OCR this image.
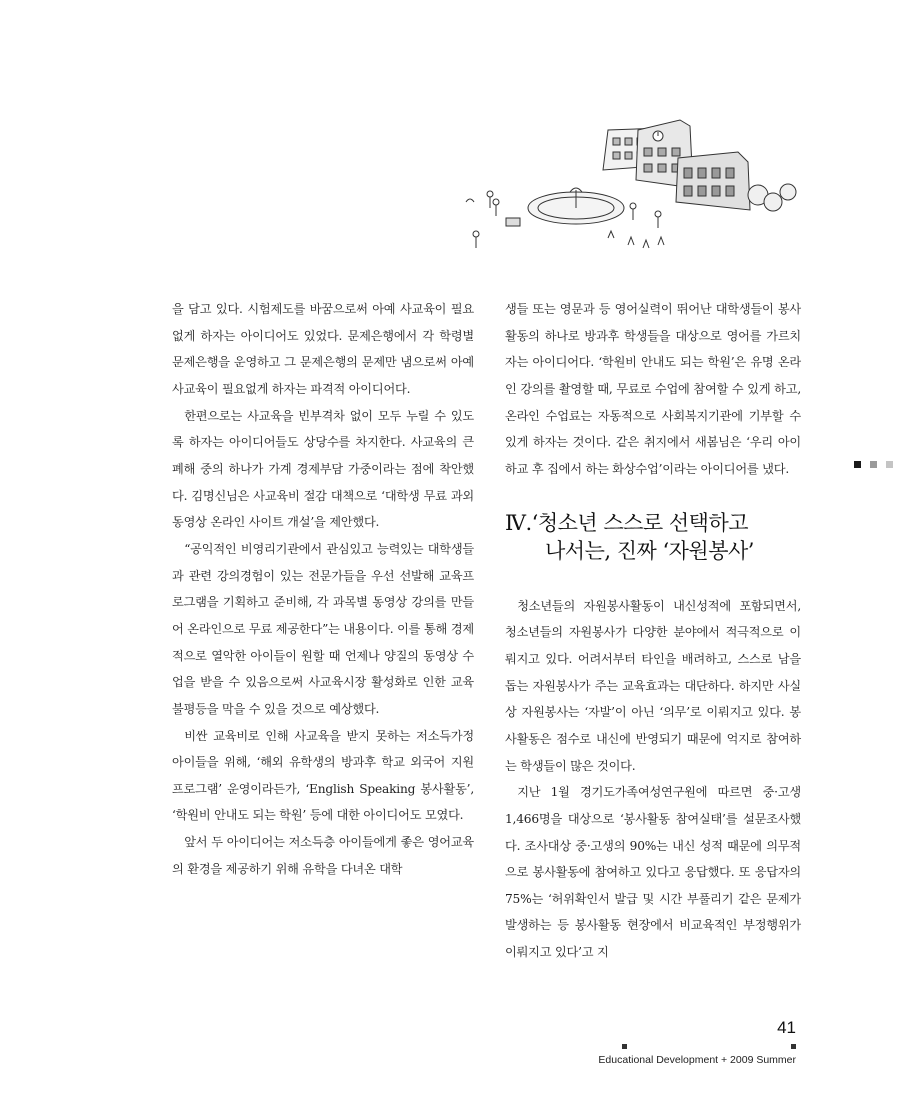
을 담고 있다. 시험제도를 바꿈으로써 아예 사교육이 필요 없게 하자는 아이디어도 있었다. 문제은행에서 각 학령별 문제은행을 운영하고 그 문제은행의 문제만 냄으로써 아예 사교육이 필요없게 하자는 파격적 아이디어다.

한편으로는 사교육을 빈부격차 없이 모두 누릴 수 있도록 하자는 아이디어들도 상당수를 차지한다. 사교육의 큰 폐해 중의 하나가 가계 경제부담 가중이라는 점에 착안했다. 김명신님은 사교육비 절감 대책으로 ‘대학생 무료 과외 동영상 온라인 사이트 개설’을 제안했다.

“공익적인 비영리기관에서 관심있고 능력있는 대학생들과 관련 강의경험이 있는 전문가들을 우선 선발해 교육프로그램을 기획하고 준비해, 각 과목별 동영상 강의를 만들어 온라인으로 무료 제공한다”는 내용이다. 이를 통해 경제적으로 열악한 아이들이 원할 때 언제나 양질의 동영상 수업을 받을 수 있음으로써 사교육시장 활성화로 인한 교육 불평등을 막을 수 있을 것으로 예상했다.

비싼 교육비로 인해 사교육을 받지 못하는 저소득가정 아이들을 위해, ‘해외 유학생의 방과후 학교 외국어 지원 프로그램’ 운영이라든가, ‘English Speaking 봉사활동’, ‘학원비 안내도 되는 학원’ 등에 대한 아이디어도 모였다.

앞서 두 아이디어는 저소득층 아이들에게 좋은 영어교육의 환경을 제공하기 위해 유학을 다녀온 대학

생들 또는 영문과 등 영어실력이 뛰어난 대학생들이 봉사활동의 하나로 방과후 학생들을 대상으로 영어를 가르치자는 아이디어다. ‘학원비 안내도 되는 학원’은 유명 온라인 강의를 촬영할 때, 무료로 수업에 참여할 수 있게 하고, 온라인 수업료는 자동적으로 사회복지기관에 기부할 수 있게 하자는 것이다. 같은 취지에서 새봄님은 ‘우리 아이 하교 후 집에서 하는 화상수업’이라는 아이디어를 냈다.

Ⅳ.‘청소년 스스로 선택하고
나서는, 진짜 ‘자원봉사’

청소년들의 자원봉사활동이 내신성적에 포함되면서, 청소년들의 자원봉사가 다양한 분야에서 적극적으로 이뤄지고 있다. 어려서부터 타인을 배려하고, 스스로 남을 돕는 자원봉사가 주는 교육효과는 대단하다. 하지만 사실상 자원봉사는 ‘자발’이 아닌 ‘의무’로 이뤄지고 있다. 봉사활동은 점수로 내신에 반영되기 때문에 억지로 참여하는 학생들이 많은 것이다.

지난 1월 경기도가족여성연구원에 따르면 중·고생 1,466명을 대상으로 ‘봉사활동 참여실태’를 설문조사했다. 조사대상 중·고생의 90%는 내신 성적 때문에 의무적으로 봉사활동에 참여하고 있다고 응답했다. 또 응답자의 75%는 ‘허위확인서 발급 및 시간 부풀리기 같은 문제가 발생하는 등 봉사활동 현장에서 비교육적인 부정행위가 이뤄지고 있다’고 지

41
Educational Development + 2009 Summer
